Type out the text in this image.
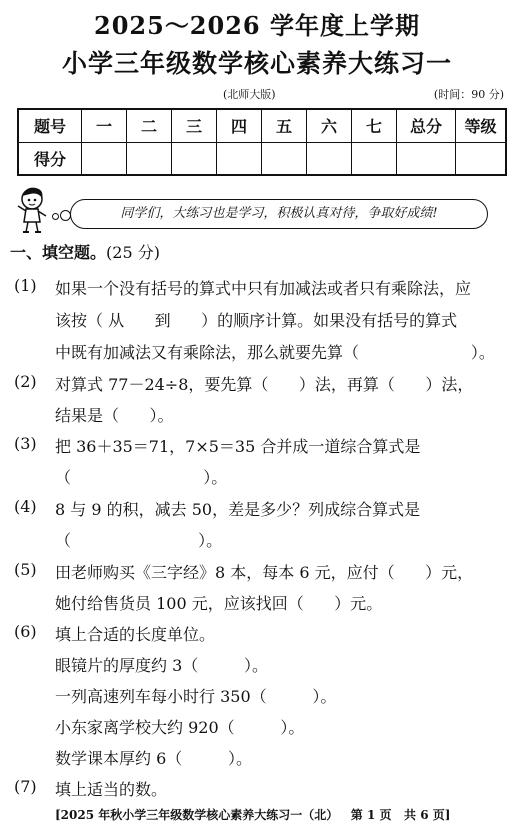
2025～2026 学年度上学期
小学三年级数学核心素养大练习一
(北师大版)	(时间：90 分)
题号	一	二	三	四	五	六	七	总分	等级
得分									
同学们，大练习也是学习，积极认真对待，争取好成绩!
一、填空题。(25 分)
(1) 如果一个没有括号的算式中只有加减法或者只有乘除法，应
该按（ 从      到      ）的顺序计算。如果没有括号的算式
中既有加减法又有乘除法，那么就要先算（                      ）。
(2) 对算式 77－24÷8，要先算（      ）法，再算（      ）法，
结果是（      ）。
(3) 把 36＋35＝71，7×5＝35 合并成一道综合算式是
（                          ）。
(4) 8 与 9 的积，减去 50，差是多少？列成综合算式是
（                         ）。
(5) 田老师购买《三字经》8 本，每本 6 元，应付（      ）元，
她付给售货员 100 元，应该找回（      ）元。
(6) 填上合适的长度单位。
眼镜片的厚度约 3（         ）。
一列高速列车每小时行 350（         ）。
小东家离学校大约 920（         ）。
数学课本厚约 6（         ）。
(7) 填上适当的数。
[2025 年秋小学三年级数学核心素养大练习一（北）   第 1 页   共 6 页]
